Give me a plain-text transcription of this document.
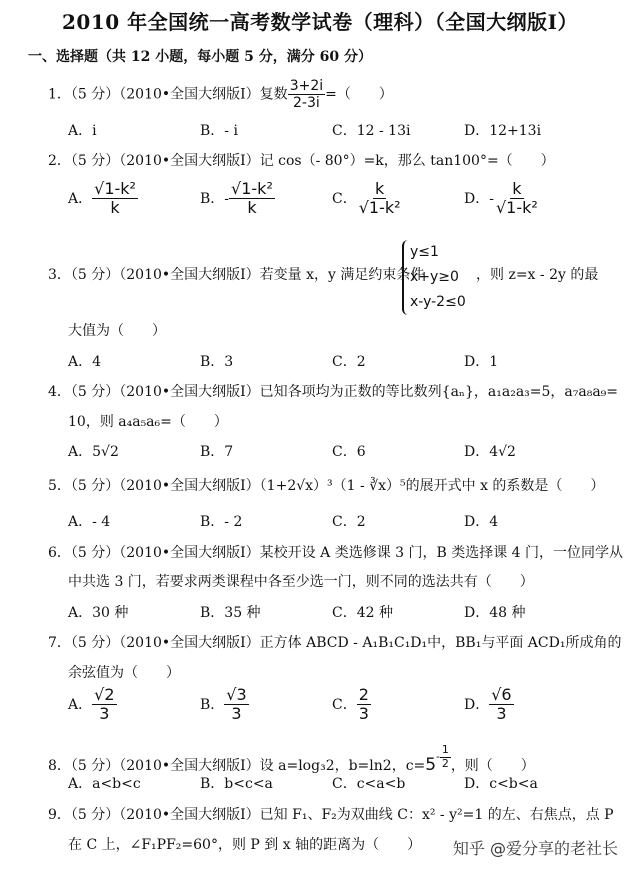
2010 年全国统一高考数学试卷（理科）（全国大纲版Ⅰ）
一、选择题（共 12 小题，每小题 5 分，满分 60 分）
1．（5 分）（2010•全国大纲版Ⅰ）复数 $\frac{3+2i}{2-3i}$ =（　　）
A．i	B．- i	C．12 - 13i	D．12+13i
2．（5 分）（2010•全国大纲版Ⅰ）记 cos（- 80°）=k，那么 tan100°=（　　）
A． $\frac{\text{√1-k²}}{k}$	B．- $\frac{\text{√1-k²}}{k}$	C． $\frac{k}{\text{√1-k²}}$	D．- $\frac{k}{\text{√1-k²}}$
3．（5 分）（2010•全国大纲版Ⅰ）若变量 x，y 满足约束条件
y≤1
x+y≥0
x-y-2≤0
，则 z=x - 2y 的最
大值为（　　）
A．4	B．3	C．2	D．1
4．（5 分）（2010•全国大纲版Ⅰ）已知各项均为正数的等比数列{aₙ}，a₁a₂a₃=5，a₇a₈a₉=
10，则 a₄a₅a₆=（　　）
A．5√2	B．7	C．6	D．4√2
5．（5 分）（2010•全国大纲版Ⅰ）（1+2√x）³（1 - ∛x）⁵的展开式中 x 的系数是（　　）
A．- 4	B．- 2	C．2	D．4
6．（5 分）（2010•全国大纲版Ⅰ）某校开设 A 类选修课 3 门，B 类选择课 4 门，一位同学从
中共选 3 门，若要求两类课程中各至少选一门，则不同的选法共有（　　）
A．30 种	B．35 种	C．42 种	D．48 种
7．（5 分）（2010•全国大纲版Ⅰ）正方体 ABCD - A₁B₁C₁D₁中，BB₁与平面 ACD₁所成角的
余弦值为（　　）
A． $\frac{√2}{3}$	B． $\frac{√3}{3}$	C． $\frac{2}{3}$	D． $\frac{√6}{3}$
8．（5 分）（2010•全国大纲版Ⅰ）设 a=log₃2，b=ln2，$c=5- \frac{1}{2}$ ，则（　　）
A．a<b<c	B．b<c<a	C．c<a<b	D．c<b<a
9．（5 分）（2010•全国大纲版Ⅰ）已知 F₁、F₂为双曲线 C：x² - y²=1 的左、右焦点，点 P
在 C 上，∠F₁PF₂=60°，则 P 到 x 轴的距离为（　　） 知乎 @爱分享的老社长
